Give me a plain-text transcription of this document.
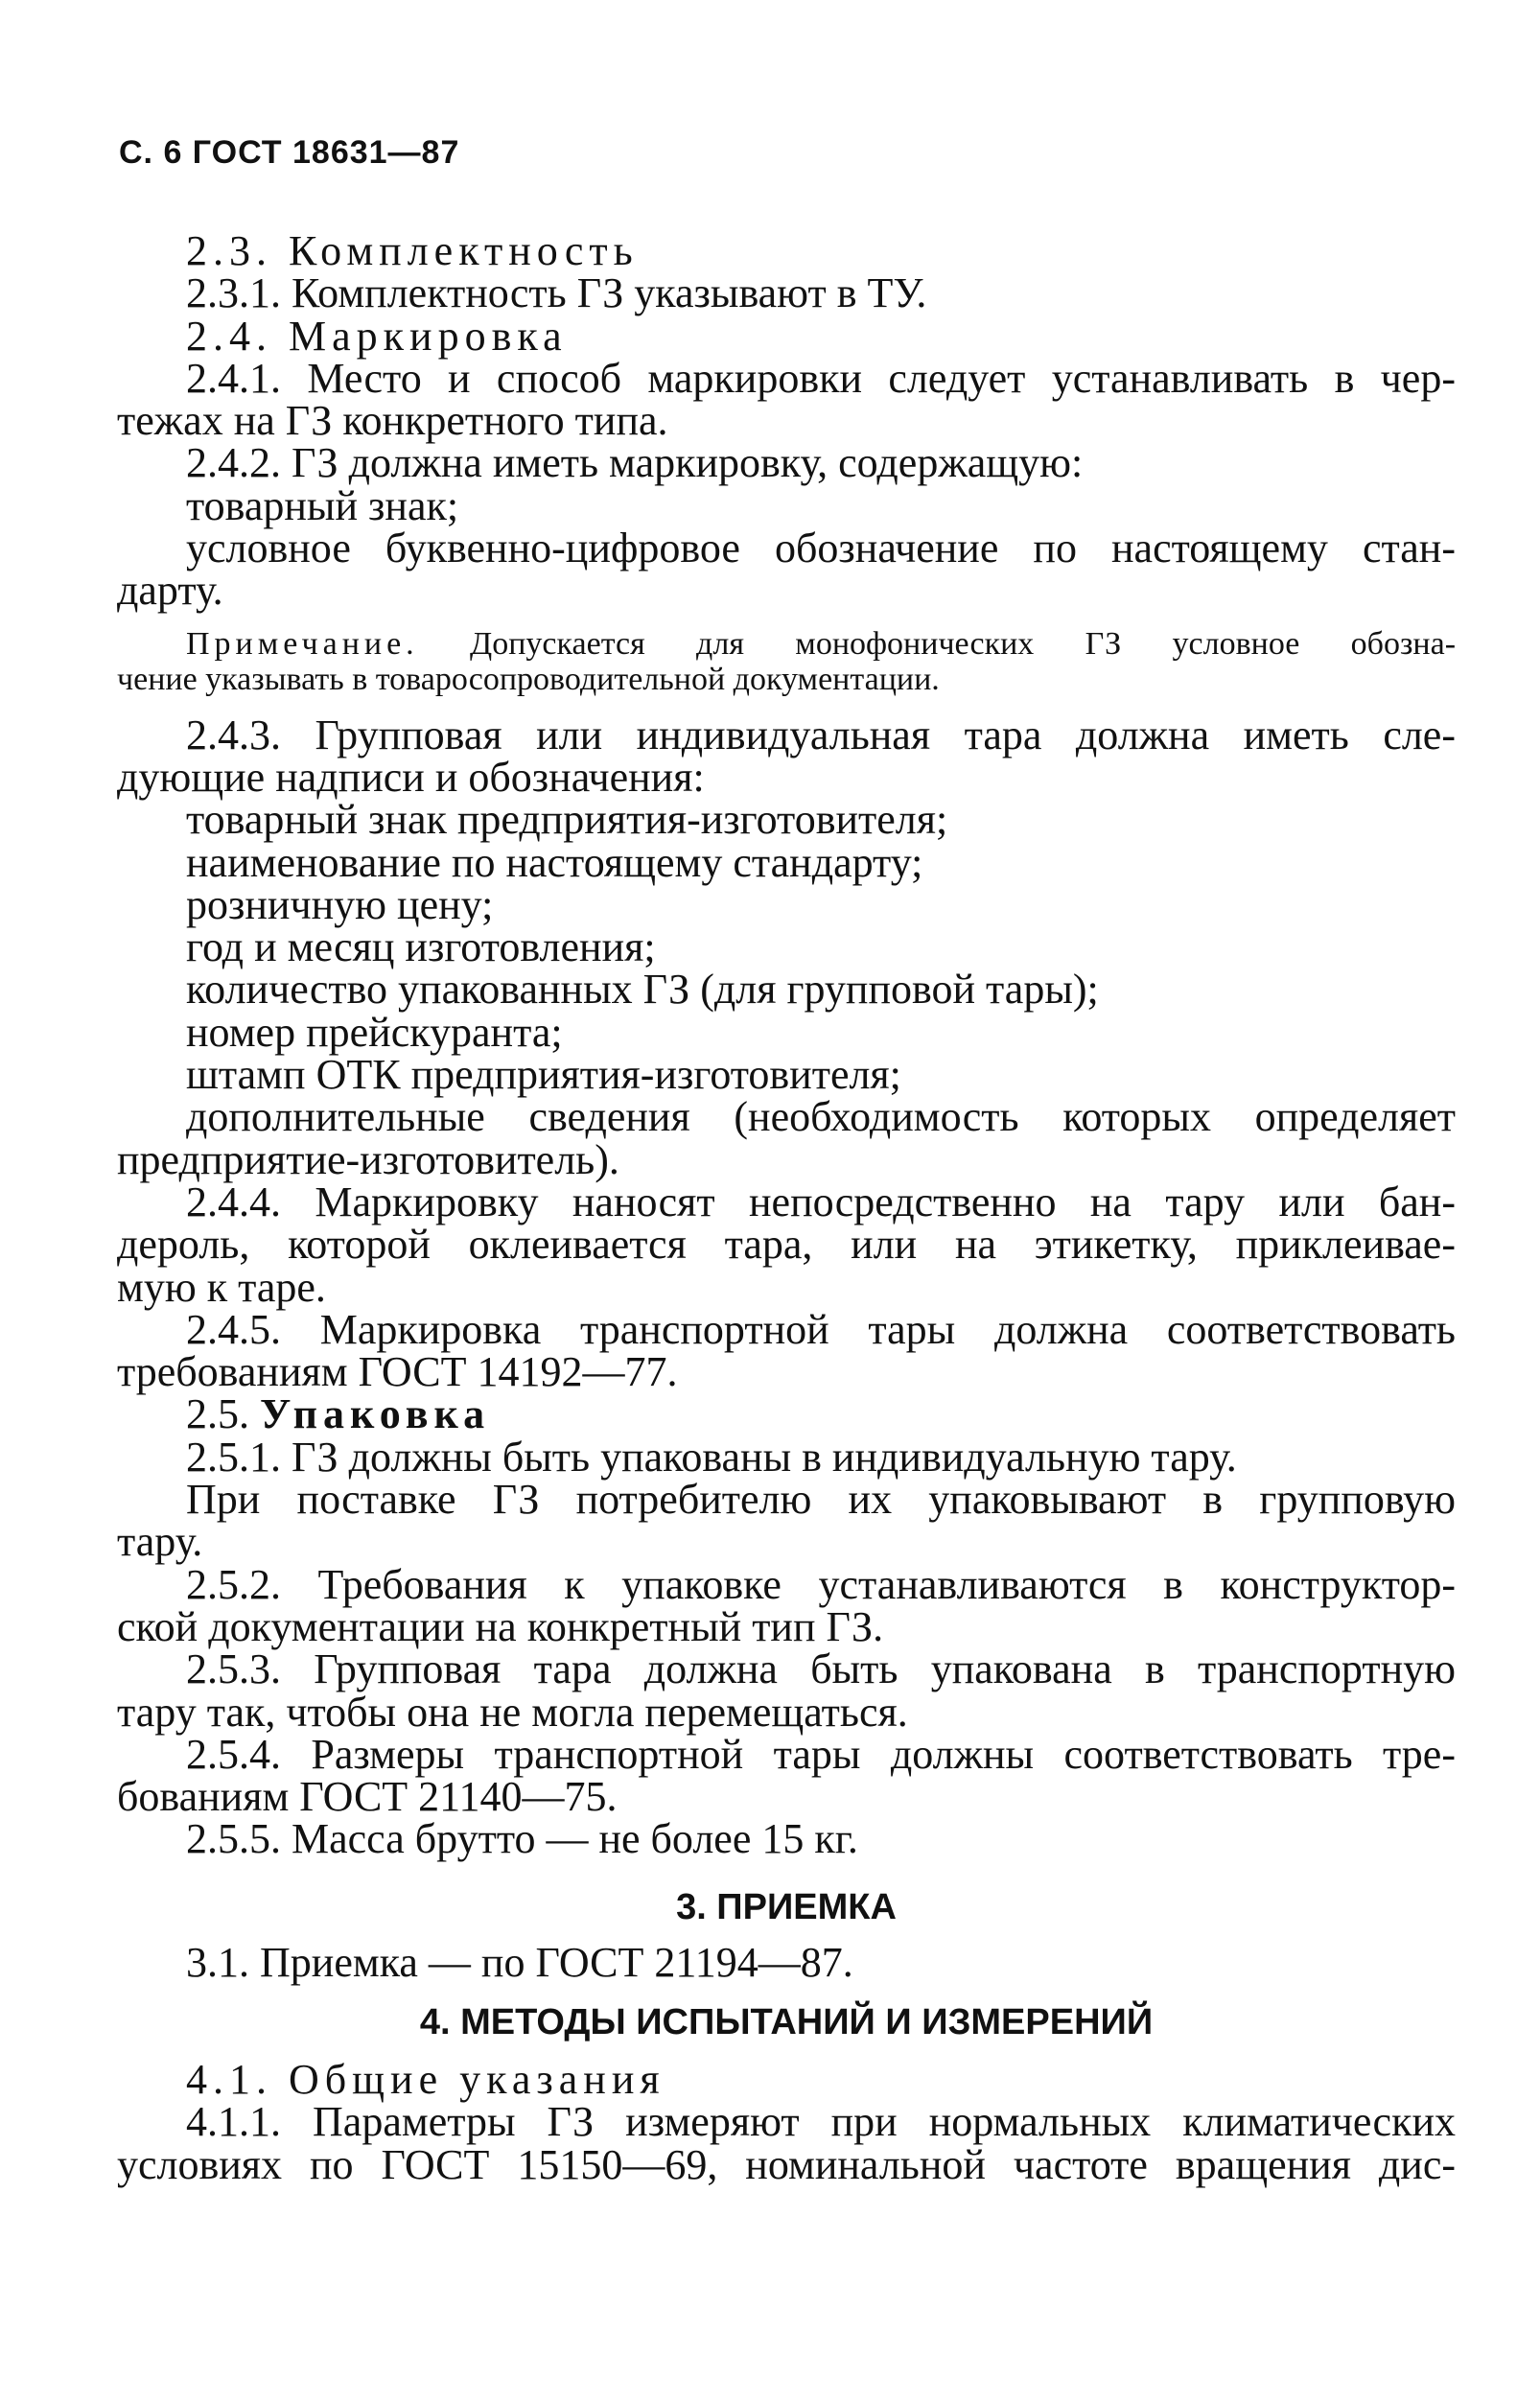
С. 6 ГОСТ 18631—87

2.3. Комплектность

2.3.1. Комплектность ГЗ указывают в ТУ.

2.4. Маркировка

2.4.1. Место и способ маркировки следует устанавливать в чер-

тежах на ГЗ конкретного типа.

2.4.2. ГЗ должна иметь маркировку, содержащую:

товарный знак;

условное буквенно-цифровое обозначение по настоящему стан-

дарту.

Примечание. Допускается для монофонических ГЗ условное обозна-

чение указывать в товаросопроводительной документации.

2.4.3. Групповая или индивидуальная тара должна иметь сле-

дующие надписи и обозначения:

товарный знак предприятия-изготовителя;

наименование по настоящему стандарту;

розничную цену;

год и месяц изготовления;

количество упакованных ГЗ (для групповой тары);

номер прейскуранта;

штамп ОТК предприятия-изготовителя;

дополнительные сведения (необходимость которых определяет

предприятие-изготовитель).

2.4.4. Маркировку наносят непосредственно на тару или бан-

дероль, которой оклеивается тара, или на этикетку, приклеивае-

мую к таре.

2.4.5. Маркировка транспортной тары должна соответствовать

требованиям ГОСТ 14192—77.

2.5. Упаковка

2.5.1. ГЗ должны быть упакованы в индивидуальную тару.

При поставке ГЗ потребителю их упаковывают в групповую

тару.

2.5.2. Требования к упаковке устанавливаются в конструктор-

ской документации на конкретный тип ГЗ.

2.5.3. Групповая тара должна быть упакована в транспортную

тару так, чтобы она не могла перемещаться.

2.5.4. Размеры транспортной тары должны соответствовать тре-

бованиям ГОСТ 21140—75.

2.5.5. Масса брутто — не более 15 кг.

3. ПРИЕМКА

3.1. Приемка — по ГОСТ 21194—87.

4. МЕТОДЫ ИСПЫТАНИЙ И ИЗМЕРЕНИЙ

4.1. Общие указания

4.1.1. Параметры ГЗ измеряют при нормальных климатических

условиях по ГОСТ 15150—69, номинальной частоте вращения дис-
